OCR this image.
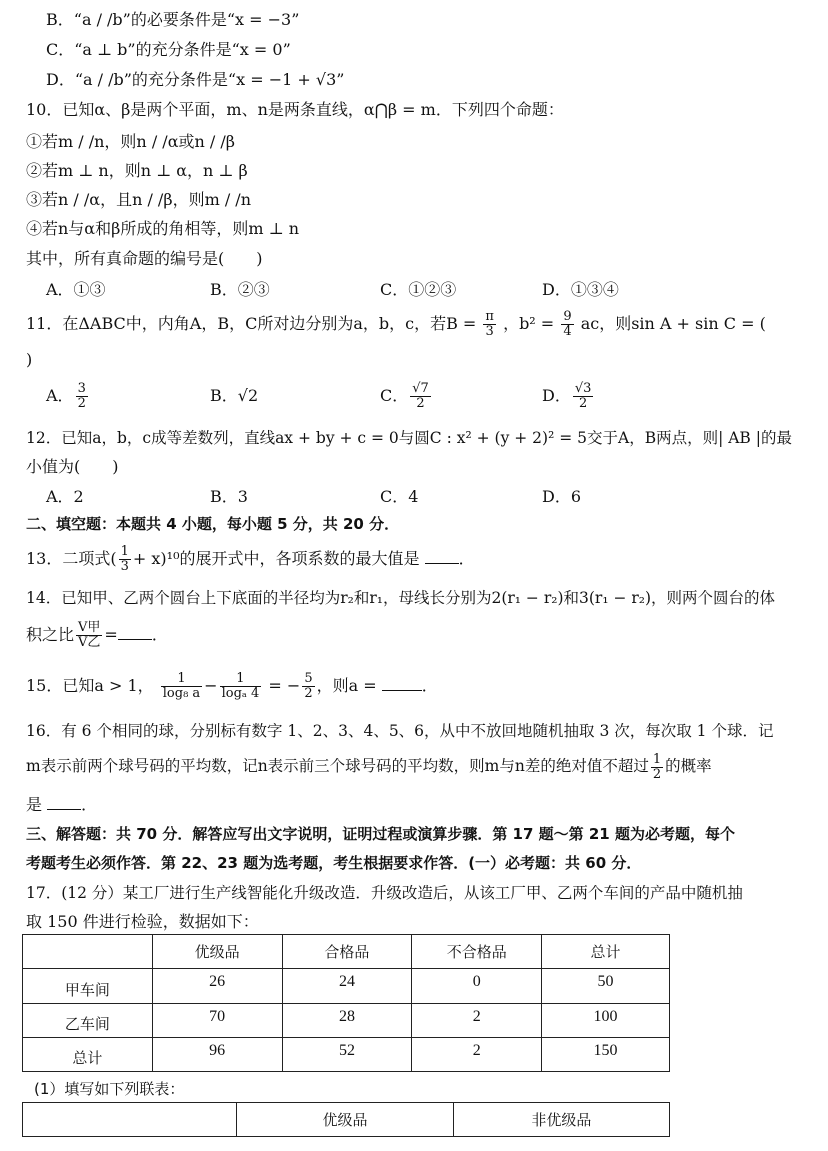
B．“a / /b”的必要条件是“x = −3”
C．“a ⊥ b”的充分条件是“x = 0”
D．“a / /b”的充分条件是“x = −1 + √3”
10．已知α、β是两个平面，m、n是两条直线，α⋂β = m．下列四个命题：
①若m / /n，则n / /α或n / /β
②若m ⊥ n，则n ⊥ α，n ⊥ β
③若n / /α，且n / /β，则m / /n
④若n与α和β所成的角相等，则m ⊥ n
其中，所有真命题的编号是(　　)
A．①③	B．②③	C．①②③	D．①③④
11．在ΔABC中，内角A，B，C所对边分别为a，b，c，若$B = \frac{\pi}{3}$ ，$b^2 = \frac{9}{4}$ ac，则sin A + sin C = (
)
A． $\frac{3}{2}$	B．√2	C． $\frac{√7}{2}$	D． $\frac{√3}{2}$
12．已知a，b，c成等差数列，直线ax + by + c = 0与圆C : x² + (y + 2)² = 5交于A，B两点，则| AB |的最
小值为(　　)
A．2	B．3	C．4	D．6
二、填空题：本题共 4 小题，每小题 5 分，共 20 分．
13．二项式( $\frac{1}{3} + x)^{10}$的展开式中，各项系数的最大值是 ．
14．已知甲、乙两个圆台上下底面的半径均为r₂和r₁，母线长分别为2(r₁ − r₂)和3(r₁ − r₂)，则两个圆台的体
积之比 $\frac{\text{V甲}}{\text{V乙}}$ = ．
15．已知a > 1， $\frac{1}{\text{log₈ a}} - \frac{1}{\text{logₐ 4}}$ = − $\frac{5}{2}$ ，则a =	．
16．有 6 个相同的球，分别标有数字 1、2、3、4、5、6，从中不放回地随机抽取 3 次，每次取 1 个球．记
m表示前两个球号码的平均数，记n表示前三个球号码的平均数，则m与n差的绝对值不超过 $\frac{1}{2}$ 的概率
是 ．
三、解答题：共 70 分．解答应写出文字说明，证明过程或演算步骤．第 17 题～第 21 题为必考题，每个
考题考生必须作答．第 22、23 题为选考题，考生根据要求作答．(一）必考题：共 60 分．
17．(12 分）某工厂进行生产线智能化升级改造．升级改造后，从该工厂甲、乙两个车间的产品中随机抽
取 150 件进行检验，数据如下：
	优级品	合格品	不合格品	总计
甲车间	26	24	0	50
乙车间	70	28	2	100
总计	96	52	2	150
(1）填写如下列联表：
	优级品	非优级品
